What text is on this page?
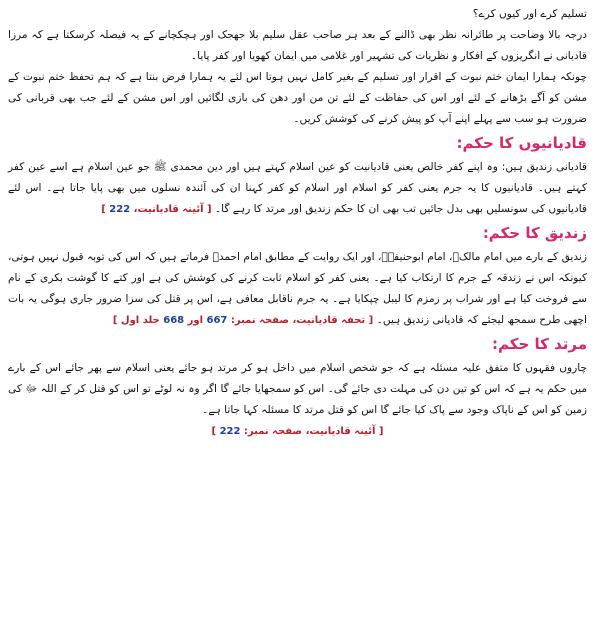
تسلیم کرے اور کیوں کرے؟

درجہ بالا وضاحت پر طائرانہ نظر بھی ڈالنے کے بعد ہر صاحب عقل سلیم بلا جھجک اور ہچکچانے کے یہ فیصلہ کرسکتا ہے کہ مرزا قادیانی نے انگریزوں کے افکار و نظریات کی تشہیر اور غلامی میں ایمان کھویا اور کفر پایا۔

چونکہ ہمارا ایمان ختم نبوت کے اقرار اور تسلیم کے بغیر کامل نہیں ہوتا اس لئے یہ ہمارا فرض بنتا ہے کہ ہم تحفظ ختم نبوت کے مشن کو آگے بڑھانے کے لئے اور اس کی حفاظت کے لئے تن من اور دھن کی بازی لگائیں اور اس مشن کے لئے جب بھی قربانی کی ضرورت ہو سب سے پہلے اپنے آپ کو پیش کرنے کی کوشش کریں۔

قادیانیوں کا حکم:

قادیانی زندیق ہیں: وہ اپنے کفر خالص یعنی قادیانیت کو عین اسلام کہتے ہیں اور دین محمدی ﷺ جو عین اسلام ہے اسے عین کفر کہتے ہیں۔ قادیانیوں کا یہ جرم یعنی کفر کو اسلام اور اسلام کو کفر کہنا ان کی آئندہ نسلوں میں بھی پایا جاتا ہے۔ اس لئے قادیانیوں کی سونسلیں بھی بدل جائیں تب بھی ان کا حکم زندیق اور مرتد کا رہے گا۔ [ آئینہ قادیانیت، 222 ]

زندیق کا حکم:

زندیق کے بارے میں امام مالکؒ، امام ابوحنیفہؒ، اور ایک روایت کے مطابق امام احمدؒ فرماتے ہیں کہ اس کی توبہ قبول نہیں ہوتی، کیونکہ اس نے زندقہ کے جرم کا ارتکاب کیا ہے۔ یعنی کفر کو اسلام ثابت کرنے کی کوشش کی ہے اور کتے کا گوشت بکری کے نام سے فروخت کیا ہے اور شراب پر زمزم کا لیبل چپکایا ہے۔ یہ جرم ناقابل معافی ہے، اس پر قتل کی سزا ضرور جاری ہوگی یہ بات اچھی طرح سمجھ لیجئے کہ قادیانی زندیق ہیں۔ [ تحفہ قادیانیت، صفحہ نمبر: 667 اور 668 جلد اول ]

مرتد کا حکم:

چاروں فقہوں کا متفق علیہ مسئلہ ہے کہ جو شخص اسلام میں داخل ہو کر مرتد ہو جائے یعنی اسلام سے پھر جائے اس کے بارے میں حکم یہ ہے کہ اس کو تین دن کی مہلت دی جائے گی۔ اس کو سمجھایا جائے گا اگر وہ نہ لوٹے تو اس کو قتل کر کے اللہ ﷻ کی زمین کو اس کے ناپاک وجود سے پاک کیا جائے گا اس کو قتل مرتد کا مسئلہ کہا جاتا ہے۔

[ آئینہ قادیانیت، صفحہ نمبر: 222 ]
